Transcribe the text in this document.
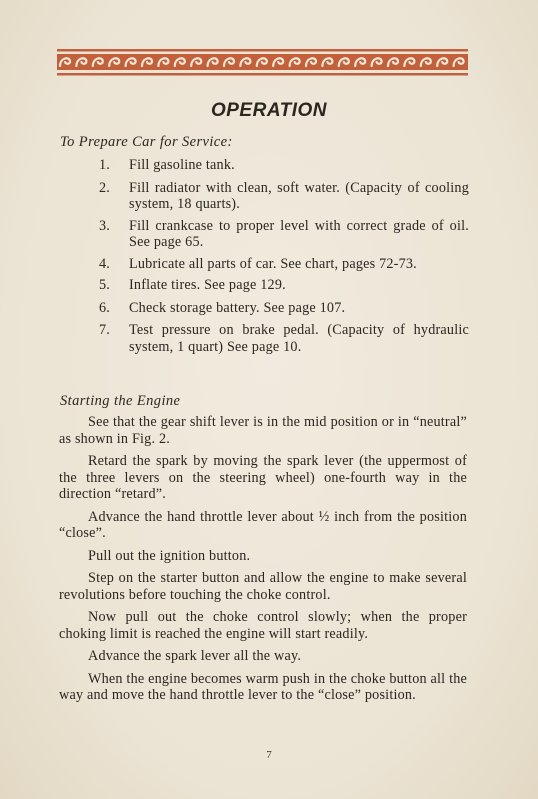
OPERATION
To Prepare Car for Service:
1.	Fill gasoline tank.
2.	Fill radiator with clean, soft water. (Capacity of cooling system, 18 quarts).
3.	Fill crankcase to proper level with correct grade of oil. See page 65.
4.	Lubricate all parts of car. See chart, pages 72-73.
5.	Inflate tires. See page 129.
6.	Check storage battery. See page 107.
7.	Test pressure on brake pedal. (Capacity of hydraulic system, 1 quart) See page 10.
Starting the Engine

See that the gear shift lever is in the mid position or in “neutral” as shown in Fig. 2.

Retard the spark by moving the spark lever (the uppermost of the three levers on the steering wheel) one-fourth way in the direction “retard”.

Advance the hand throttle lever about ½ inch from the position “close”.

Pull out the ignition button.

Step on the starter button and allow the engine to make several revolutions before touching the choke control.

Now pull out the choke control slowly; when the proper choking limit is reached the engine will start readily.

Advance the spark lever all the way.

When the engine becomes warm push in the choke button all the way and move the hand throttle lever to the “close” position.

7
